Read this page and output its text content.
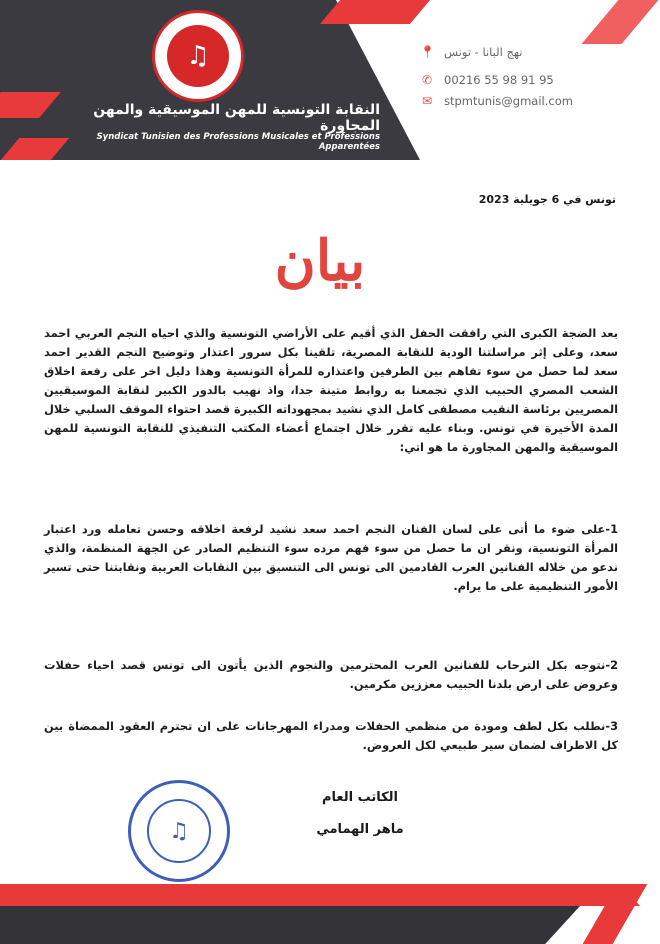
♫
النقابة التونسية للمهن الموسيقية والمهن المجاورة
Syndicat Tunisien des Professions Musicales et Professions Apparentées
📍 نهج البانا - تونس
✆ 00216 55 98 91 95
✉ stpmtunis@gmail.com
تونس في 6 جويلية 2023
بيان
بعد الضجة الكبرى التي رافقت الحفل الذي أقيم على الأراضي التونسية والذي احياه النجم العربي احمد سعد، وعلى إثر مراسلتنا الودية للنقابة المصرية، تلقينا بكل سرور اعتذار وتوضيح النجم القدير احمد سعد لما حصل من سوء تفاهم بين الطرفين واعتذاره للمرأة التونسية وهذا دليل اخر على رفعة اخلاق الشعب المصري الحبيب الذي تجمعنا به روابط متينة جدا، واذ نهيب بالدور الكبير لنقابة الموسيقيين المصريين برئاسة النقيب مصطفى كامل الذي نشيد بمجهوداته الكبيرة قصد احتواء الموقف السلبي خلال المدة الأخيرة في تونس. وبناء عليه تقرر خلال اجتماع أعضاء المكتب التنفيذي للنقابة التونسية للمهن الموسيقية والمهن المجاورة ما هو اتي:
1-على ضوء ما أتى على لسان الفنان النجم احمد سعد نشيد لرفعة اخلاقه وحسن تعامله ورد اعتبار المرأة التونسية، ونقر ان ما حصل من سوء فهم مرده سوء التنظيم الصادر عن الجهة المنظمة، والذي ندعو من خلاله الفنانين العرب القادمين الى تونس الى التنسيق بين النقابات العربية ونقابتنا حتى تسير الأمور التنظيمية على ما يرام.
2-نتوجه بكل الترحاب للفنانين العرب المحترمين والنجوم الذين يأتون الى تونس قصد احياء حفلات وعروض على ارض بلدنا الحبيب معززين مكرمين.
3-نطلب بكل لطف ومودة من منظمي الحفلات ومدراء المهرجانات على ان تحترم العقود الممضاة بين كل الاطراف لضمان سير طبيعي لكل العروض.
الكاتب العام
ماهر الهمامي
♫
